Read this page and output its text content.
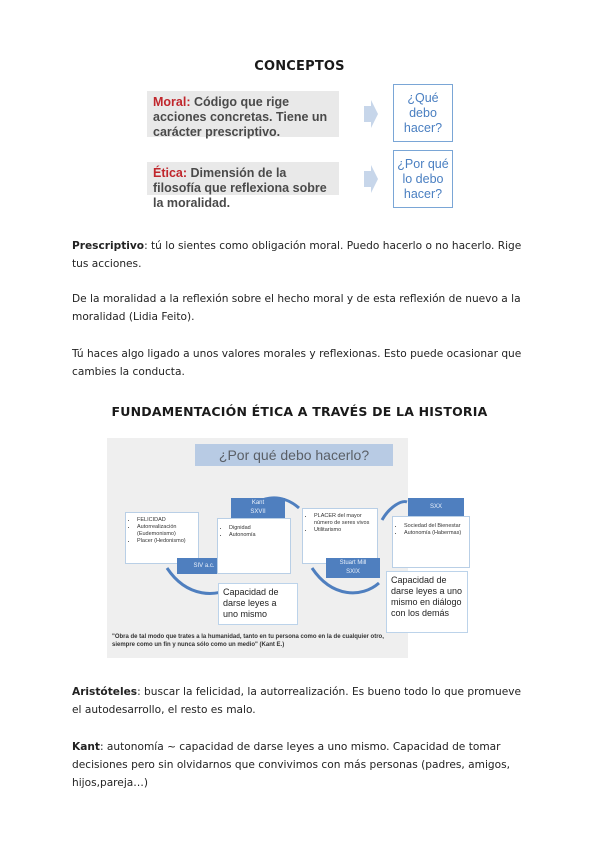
CONCEPTOS
Moral: Código que rige acciones concretas. Tiene un carácter prescriptivo.
¿Qué debo hacer?
Ética: Dimensión de la filosofía que reflexiona sobre la moralidad.
¿Por qué lo debo hacer?
Prescriptivo: tú lo sientes como obligación moral. Puedo hacerlo o no hacerlo. Rige tus acciones.
De la moralidad a la reflexión sobre el hecho moral y de esta reflexión de nuevo a la moralidad (Lidia Feito).
Tú haces algo ligado a unos valores morales y reflexionas. Esto puede ocasionar que cambies la conducta.
FUNDAMENTACIÓN ÉTICA A TRAVÉS DE LA HISTORIA
¿Por qué debo hacerlo?
• FELICIDAD
• Autorrealización (Eudemonismo)
• Placer (Hedonismo)
SIV a.c.
Kant
SXVII
• Dignidad
• Autonomía
• PLACER del mayor número de seres vivos
• Utilitarismo
Stuart Mill
SXIX
SXX
• Sociedad del Bienestar
• Autonomía (Habermas)
Capacidad de darse leyes a uno mismo
Capacidad de darse leyes a uno mismo en diálogo con los demás
"Obra de tal modo que trates a la humanidad, tanto en tu persona como en la de cualquier otro, siempre como un fin y nunca sólo como un medio" (Kant E.)
Aristóteles: buscar la felicidad, la autorrealización. Es bueno todo lo que promueve el autodesarrollo, el resto es malo.
Kant: autonomía ~ capacidad de darse leyes a uno mismo. Capacidad de tomar decisiones pero sin olvidarnos que convivimos con más personas (padres, amigos, hijos,pareja…)
